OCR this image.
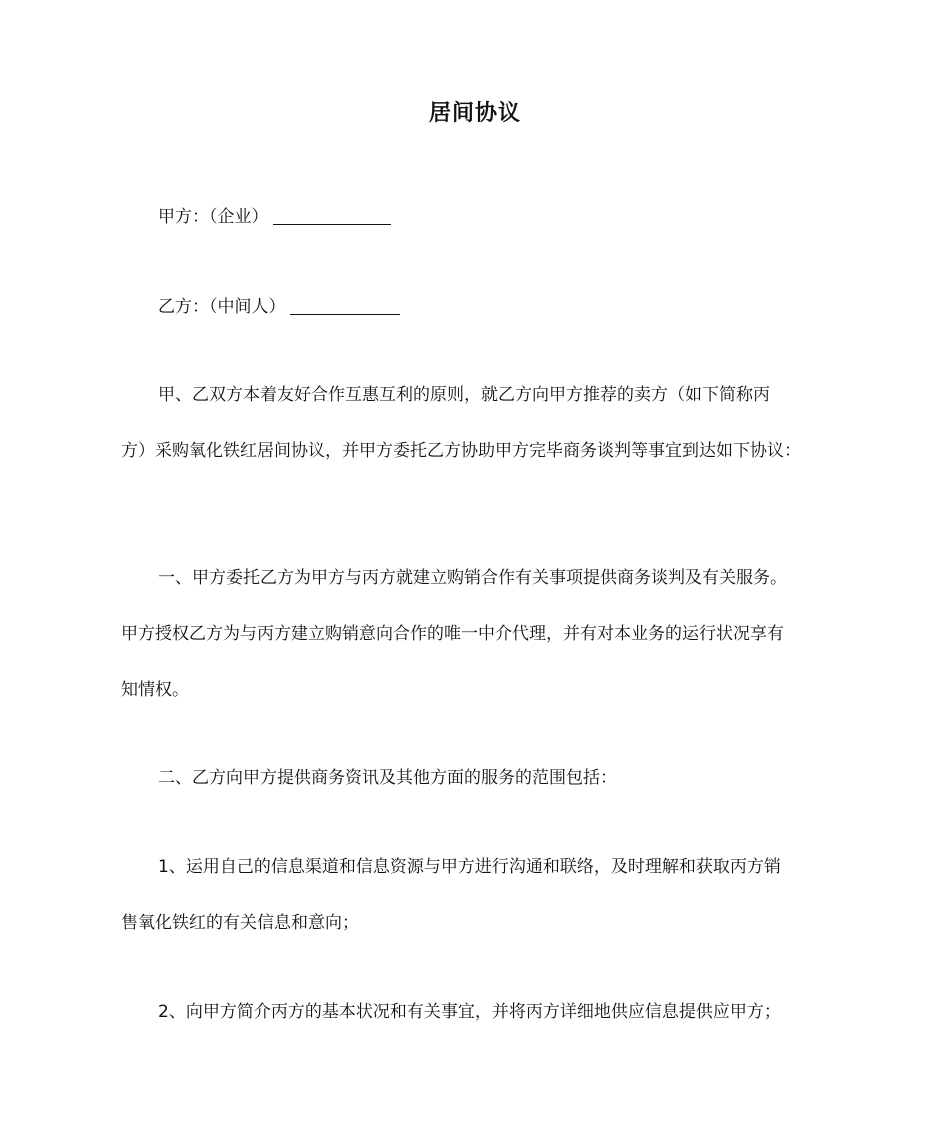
居间协议
甲方：（企业）
乙方：（中间人）
甲、乙双方本着友好合作互惠互利的原则，就乙方向甲方推荐的卖方（如下简称丙
方）采购氧化铁红居间协议，并甲方委托乙方协助甲方完毕商务谈判等事宜到达如下协议：
一、甲方委托乙方为甲方与丙方就建立购销合作有关事项提供商务谈判及有关服务。
甲方授权乙方为与丙方建立购销意向合作的唯一中介代理，并有对本业务的运行状况享有
知情权。
二、乙方向甲方提供商务资讯及其他方面的服务的范围包括：
1、运用自己的信息渠道和信息资源与甲方进行沟通和联络，及时理解和获取丙方销
售氧化铁红的有关信息和意向；
2、向甲方简介丙方的基本状况和有关事宜，并将丙方详细地供应信息提供应甲方；
